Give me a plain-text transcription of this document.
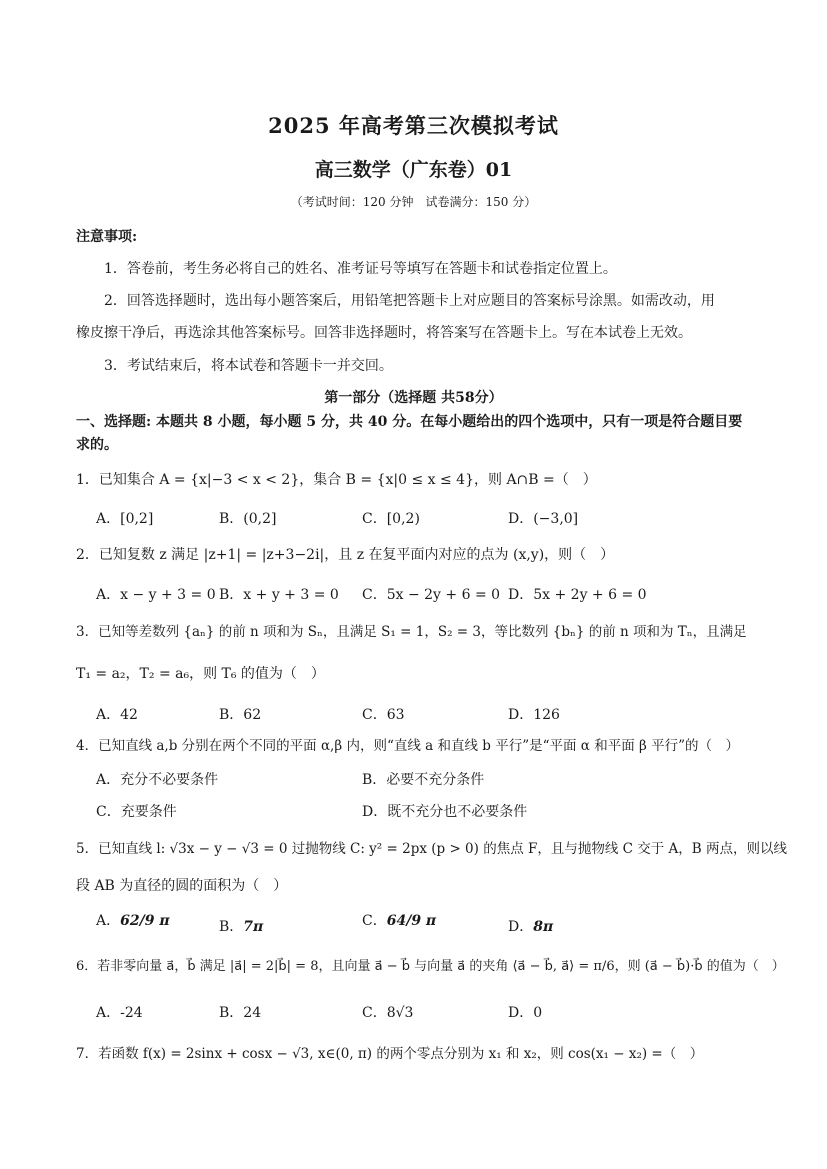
2025 年高考第三次模拟考试
高三数学（广东卷）01
（考试时间：120 分钟　试卷满分：150 分）
注意事项:
1．答卷前，考生务必将自己的姓名、准考证号等填写在答题卡和试卷指定位置上。
2．回答选择题时，选出每小题答案后，用铅笔把答题卡上对应题目的答案标号涂黑。如需改动，用
橡皮擦干净后，再选涂其他答案标号。回答非选择题时，将答案写在答题卡上。写在本试卷上无效。
3．考试结束后，将本试卷和答题卡一并交回。
第一部分（选择题 共58分）
一、选择题: 本题共 8 小题，每小题 5 分，共 40 分。在每小题给出的四个选项中，只有一项是符合题目要
求的。
1．已知集合 A = {x|−3 < x < 2}，集合 B = {x|0 ≤ x ≤ 4}，则 A∩B =（　）
A．[0,2]	B．(0,2]	C．[0,2)	D．(−3,0]
2．已知复数 z 满足 |z+1| = |z+3−2i|，且 z 在复平面内对应的点为 (x,y)，则（　）
A．x − y + 3 = 0 B．x + y + 3 = 0 C．5x − 2y + 6 = 0 D．5x + 2y + 6 = 0
3．已知等差数列 {aₙ} 的前 n 项和为 Sₙ，且满足 S₁ = 1，S₂ = 3，等比数列 {bₙ} 的前 n 项和为 Tₙ，且满足
T₁ = a₂，T₂ = a₆，则 T₆ 的值为（　）
A．42	B．62	C．63	D．126
4．已知直线 a,b 分别在两个不同的平面 α,β 内，则“直线 a 和直线 b 平行”是“平面 α 和平面 β 平行”的（　）
A．充分不必要条件	B．必要不充分条件
C．充要条件	D．既不充分也不必要条件
5．已知直线 l: √3x − y − √3 = 0 过抛物线 C: y² = 2px (p > 0) 的焦点 F，且与抛物线 C 交于 A，B 两点，则以线
段 AB 为直径的圆的面积为（　）
A．62/9 π	B．7π	C．64/9 π	D．8π
6．若非零向量 a⃗，b⃗ 满足 |a⃗| = 2|b⃗| = 8，且向量 a⃗ − b⃗ 与向量 a⃗ 的夹角 ⟨a⃗ − b⃗, a⃗⟩ = π/6，则 (a⃗ − b⃗)·b⃗ 的值为（　）
A．-24	B．24	C．8√3	D．0
7．若函数 f(x) = 2sinx + cosx − √3, x∈(0, π) 的两个零点分别为 x₁ 和 x₂，则 cos(x₁ − x₂) =（　）
